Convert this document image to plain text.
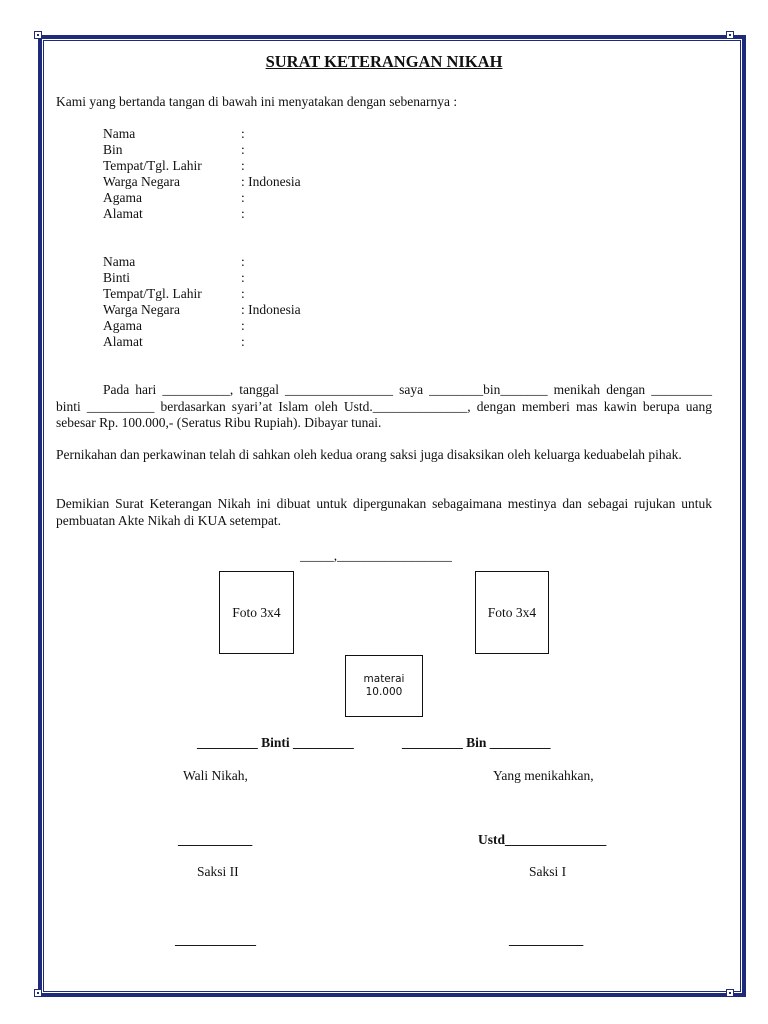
SURAT KETERANGAN NIKAH
Kami yang bertanda tangan di bawah ini menyatakan dengan sebenarnya :
Nama	:
Bin	:
Tempat/Tgl. Lahir	:
Warga Negara	: Indonesia
Agama	:
Alamat	:
Nama	:
Binti	:
Tempat/Tgl. Lahir	:
Warga Negara	: Indonesia
Agama	:
Alamat	:
Pada hari __________, tanggal ________________ saya ________bin_______ menikah dengan _________ binti __________ berdasarkan syari’at Islam oleh Ustd.______________, dengan memberi mas kawin berupa uang sebesar Rp. 100.000,- (Seratus Ribu Rupiah). Dibayar tunai.
Pernikahan dan perkawinan telah di sahkan oleh kedua orang saksi juga disaksikan oleh keluarga keduabelah pihak.
Demikian Surat Keterangan Nikah ini dibuat untuk dipergunakan sebagaimana mestinya dan sebagai rujukan untuk pembuatan Akte Nikah di KUA setempat.
_____,_________________
Foto 3x4	Foto 3x4
materai
10.000
_________ Binti _________	_________ Bin _________
Wali Nikah,	Yang menikahkan,
___________	Ustd_______________
Saksi II	Saksi I
____________	___________
